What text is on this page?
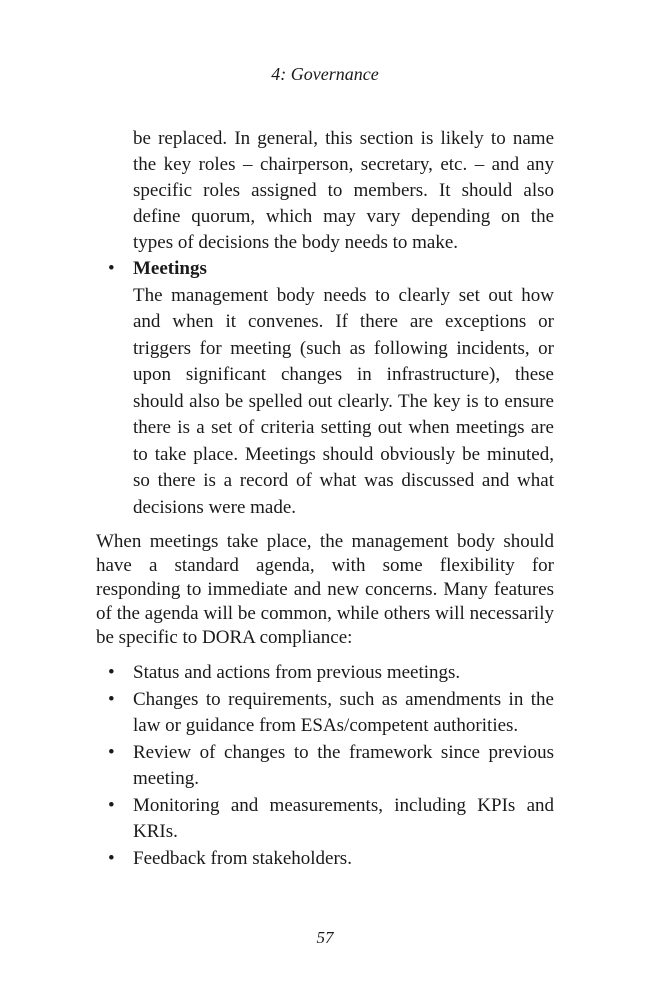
4: Governance
be replaced. In general, this section is likely to name the key roles – chairperson, secretary, etc. – and any specific roles assigned to members. It should also define quorum, which may vary depending on the types of decisions the body needs to make.
• Meetings
The management body needs to clearly set out how and when it convenes. If there are exceptions or triggers for meeting (such as following incidents, or upon significant changes in infrastructure), these should also be spelled out clearly. The key is to ensure there is a set of criteria setting out when meetings are to take place. Meetings should obviously be minuted, so there is a record of what was discussed and what decisions were made.
When meetings take place, the management body should have a standard agenda, with some flexibility for responding to immediate and new concerns. Many features of the agenda will be common, while others will necessarily be specific to DORA compliance:
• Status and actions from previous meetings.
• Changes to requirements, such as amendments in the law or guidance from ESAs/competent authorities.
• Review of changes to the framework since previous meeting.
• Monitoring and measurements, including KPIs and KRIs.
• Feedback from stakeholders.
57
